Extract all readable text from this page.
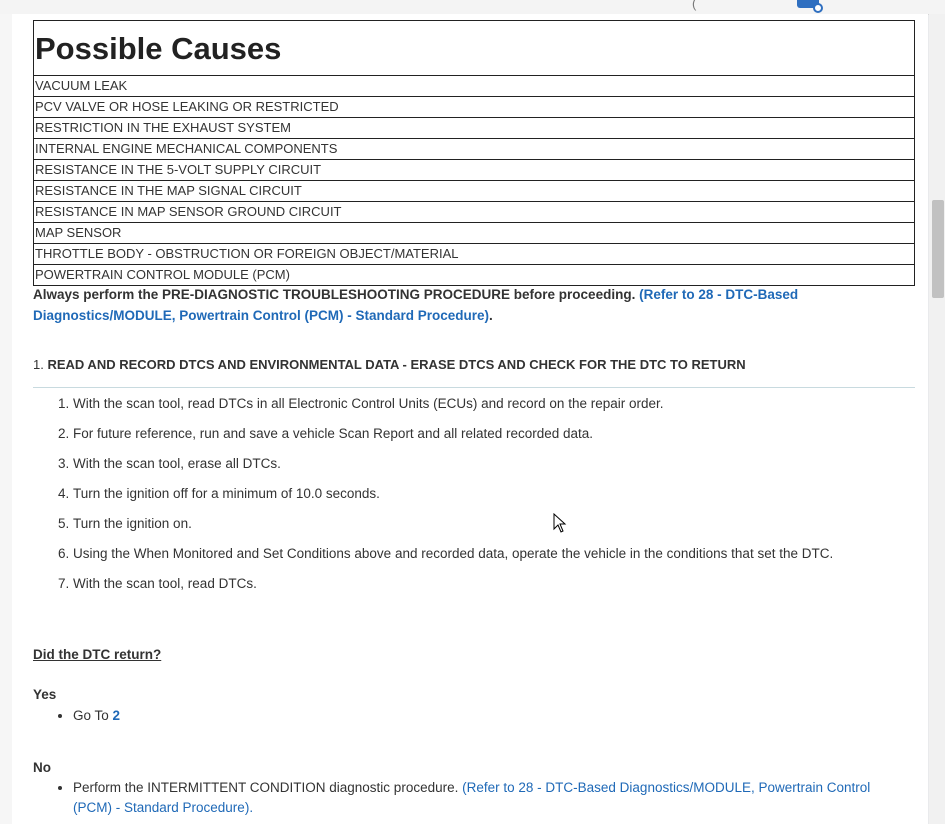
(
Possible Causes
VACUUM LEAK
PCV VALVE OR HOSE LEAKING OR RESTRICTED
RESTRICTION IN THE EXHAUST SYSTEM
INTERNAL ENGINE MECHANICAL COMPONENTS
RESISTANCE IN THE 5-VOLT SUPPLY CIRCUIT
RESISTANCE IN THE MAP SIGNAL CIRCUIT
RESISTANCE IN MAP SENSOR GROUND CIRCUIT
MAP SENSOR
THROTTLE BODY - OBSTRUCTION OR FOREIGN OBJECT/MATERIAL
POWERTRAIN CONTROL MODULE (PCM)
Always perform the PRE-DIAGNOSTIC TROUBLESHOOTING PROCEDURE before proceeding. (Refer to 28 - DTC-Based
Diagnostics/MODULE, Powertrain Control (PCM) - Standard Procedure).
1. READ AND RECORD DTCS AND ENVIRONMENTAL DATA - ERASE DTCS AND CHECK FOR THE DTC TO RETURN
1. With the scan tool, read DTCs in all Electronic Control Units (ECUs) and record on the repair order.
2. For future reference, run and save a vehicle Scan Report and all related recorded data.
3. With the scan tool, erase all DTCs.
4. Turn the ignition off for a minimum of 10.0 seconds.
5. Turn the ignition on.
6. Using the When Monitored and Set Conditions above and recorded data, operate the vehicle in the conditions that set the DTC.
7. With the scan tool, read DTCs.
Did the DTC return?
Yes
• Go To 2
No
• Perform the INTERMITTENT CONDITION diagnostic procedure. (Refer to 28 - DTC-Based Diagnostics/MODULE, Powertrain Control
(PCM) - Standard Procedure).
